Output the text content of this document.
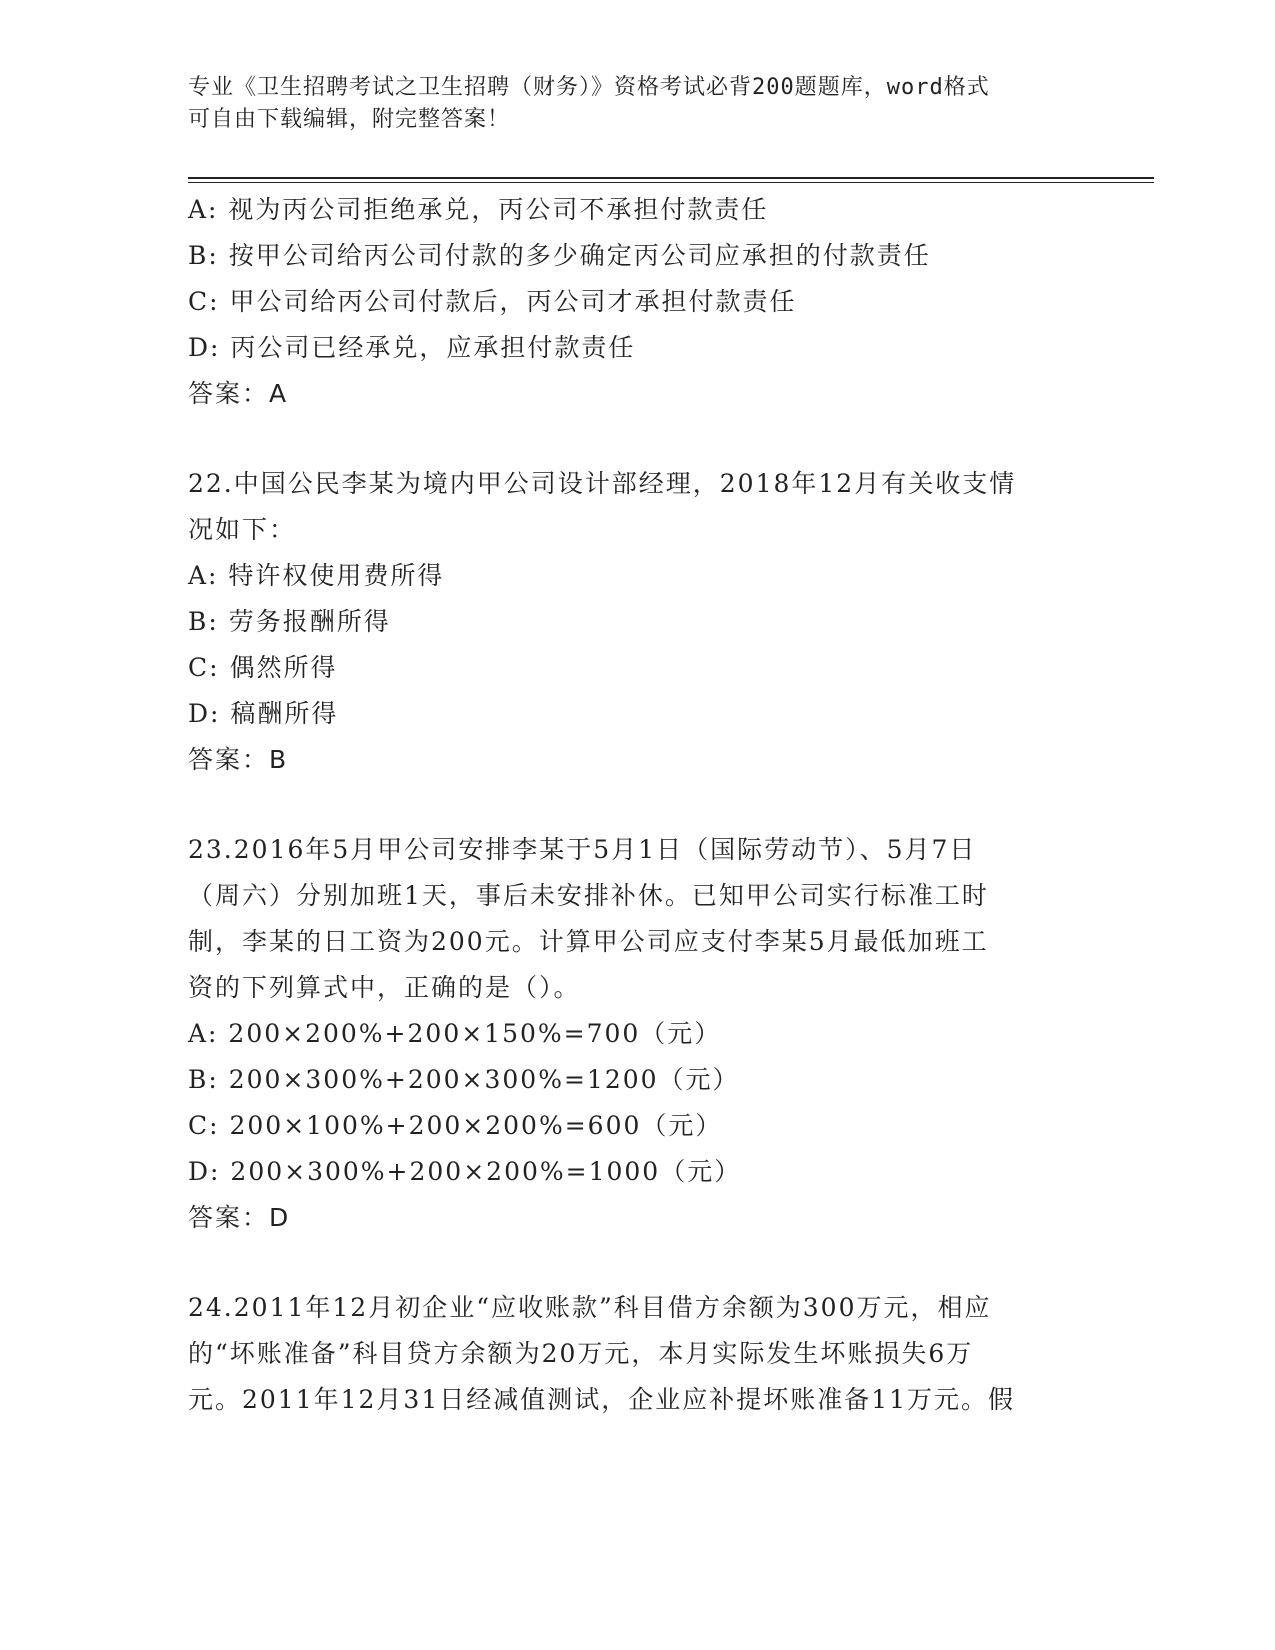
专业《卫生招聘考试之卫生招聘（财务）》资格考试必背200题题库，word格式
可自由下载编辑，附完整答案！

A: 视为丙公司拒绝承兑，丙公司不承担付款责任

B: 按甲公司给丙公司付款的多少确定丙公司应承担的付款责任

C: 甲公司给丙公司付款后，丙公司才承担付款责任

D: 丙公司已经承兑，应承担付款责任

答案：A

22.中国公民李某为境内甲公司设计部经理，2018年12月有关收支情

况如下：

A: 特许权使用费所得

B: 劳务报酬所得

C: 偶然所得

D: 稿酬所得

答案：B

23.2016年5月甲公司安排李某于5月1日（国际劳动节）、5月7日

（周六）分别加班1天，事后未安排补休。已知甲公司实行标准工时

制，李某的日工资为200元。计算甲公司应支付李某5月最低加班工

资的下列算式中，正确的是（）。

A: 200×200%+200×150%=700（元）

B: 200×300%+200×300%=1200（元）

C: 200×100%+200×200%=600（元）

D: 200×300%+200×200%=1000（元）

答案：D

24.2011年12月初企业“应收账款”科目借方余额为300万元，相应

的“坏账准备”科目贷方余额为20万元，本月实际发生坏账损失6万

元。2011年12月31日经减值测试，企业应补提坏账准备11万元。假
